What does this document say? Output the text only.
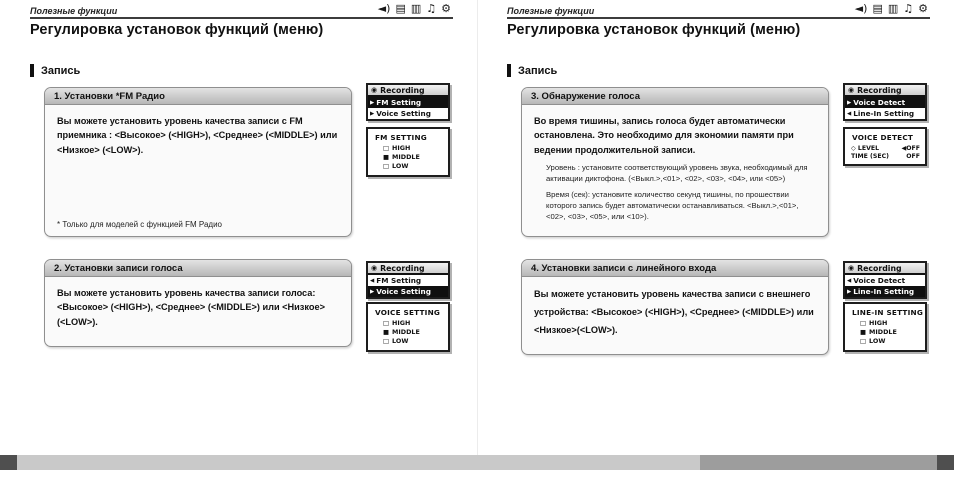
Полезные функции	◄) ▤ ▥ ♫ ⚙
Регулировка установок функций (меню)
Запись
1. Установки *FM Радио
Вы можете установить уровень качества записи с FM приемника : <Высокое> (<HIGH>), <Среднее> (<MIDDLE>) или <Низкое> (<LOW>).
* Только для моделей с функцией FM Радио
◉ Recording
▶ FM Setting
▶ Voice Setting
FM SETTING
□ HIGH
■ MIDDLE
□ LOW
2. Установки записи голоса
Вы можете установить уровень качества записи голоса: <Высокое> (<HIGH>), <Среднее> (<MIDDLE>) или <Низкое> (<LOW>).
◉ Recording
◀ FM Setting
▶ Voice Setting
VOICE SETTING
□ HIGH
■ MIDDLE
□ LOW
Полезные функции	◄) ▤ ▥ ♫ ⚙
Регулировка установок функций (меню)
Запись
3. Обнаружение голоса
Во время тишины, запись голоса будет автоматически остановлена. Это необходимо для экономии памяти при ведении продолжительной записи.
Уровень : установите соответствующий уровень звука, необходимый для активации диктофона. (<Выкл.>,<01>, <02>, <03>, <04>, или <05>)
Время (сек): установите количество секунд тишины, по прошествии которого запись будет автоматически останавливаться. <Выкл.>,<01>, <02>, <03>, <05>, или <10>).
◉ Recording
▶ Voice Detect
◀ Line-In Setting
VOICE DETECT
◇ LEVEL	◀OFF
TIME (SEC)	OFF
4. Установки записи с линейного входа
Вы можете установить уровень качества записи с внешнего устройства: <Высокое> (<HIGH>), <Среднее> (<MIDDLE>) или <Низкое>(<LOW>).
◉ Recording
◀ Voice Detect
▶ Line-In Setting
LINE-IN SETTING
□ HIGH
■ MIDDLE
□ LOW
